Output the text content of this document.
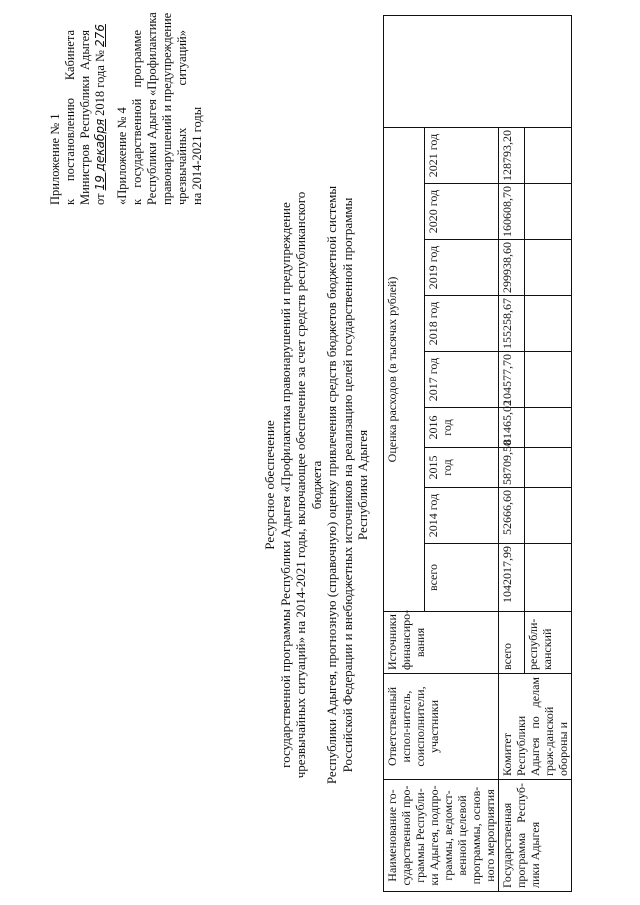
Приложение № 1 к
постановлению
Кабинета
Министров
Республики
Адыгея
от
19 декабря
2018 года №
276
«Приложение № 4 к
государственной
программе Республики Адыгея «Профилактика правонарушений и предупреждение чрезвычайных
ситуаций»
на 2014-2021 годы
Ресурсное обеспечение государственной программы Республики Адыгея «Профилактика правонарушений и предупреждение чрезвычайных ситуаций» на 2014-2021 годы, включающее обеспечение за счет средств республиканского бюджета Республики Адыгея, прогнозную (справочную) оценку привлечения средств бюджетов бюджетной системы Российской Федерации и внебюджетных источников на реализацию целей государственной программы Республики Адыгея
Наименование го-сударственной про-граммы Республи-ки Адыгея, подпро-граммы, ведомст-венной целевой программы, основ-ного мероприятия	Ответственный испол-нитель, соисполнители, участники	Источники финансиро-вания	Оценка расходов (в тысячах рублей)									
			всего	2014 год	2015 год	2016 год	2017 год	2018 год	2019 год	2020 год	2021 год	
Государственная программа Респуб-лики Адыгея	Комитет Республики Адыгея по делам граж-данской обороны и	всего	1042017,99	52666,60	58709,50	81465,02	104577,70	155258,67	299938,60	160608,70	128793,20	
		республи-канский										
